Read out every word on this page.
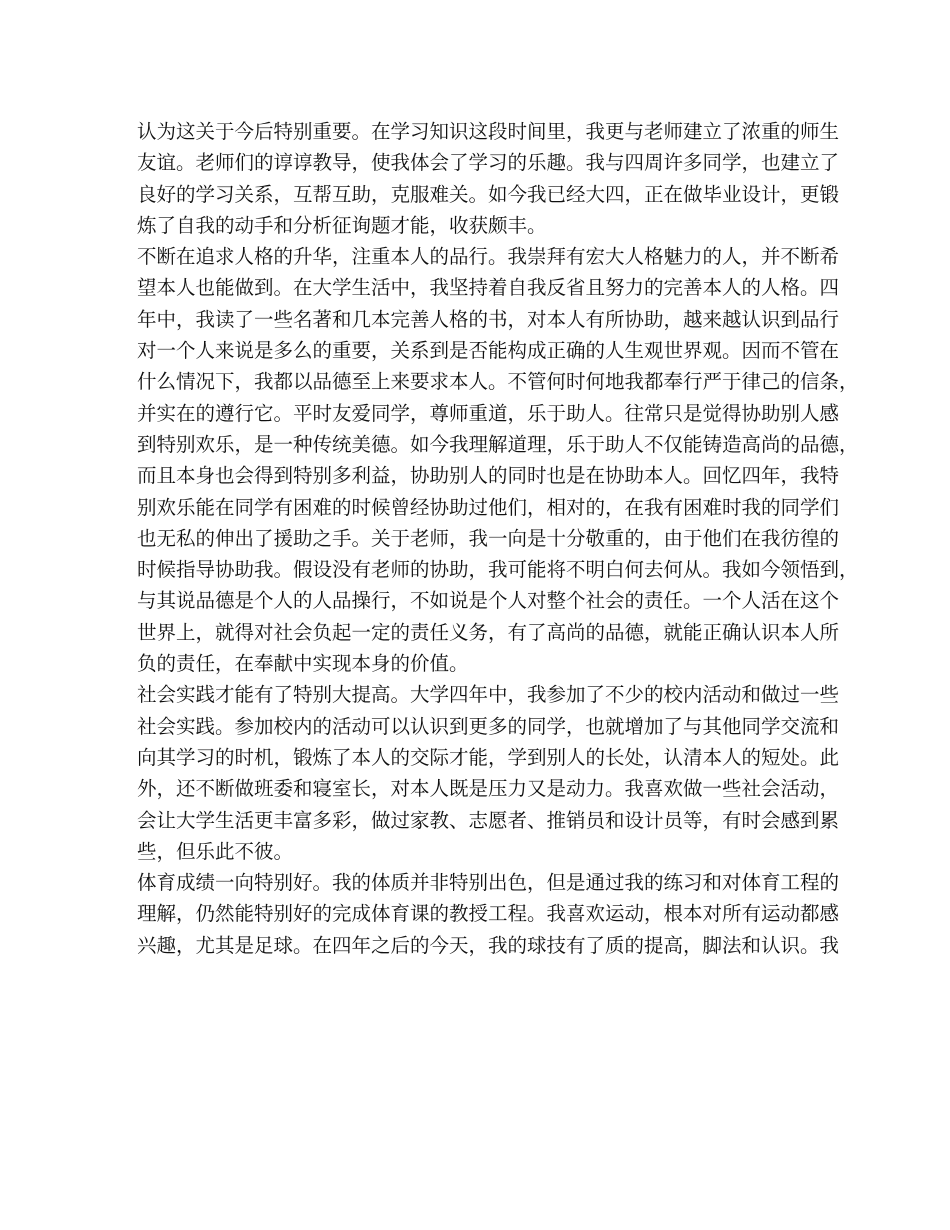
认为这关于今后特别重要。在学习知识这段时间里，我更与老师建立了浓重的师生
友谊。老师们的谆谆教导，使我体会了学习的乐趣。我与四周许多同学，也建立了
良好的学习关系，互帮互助，克服难关。如今我已经大四，正在做毕业设计，更锻
炼了自我的动手和分析征询题才能，收获颇丰。
不断在追求人格的升华，注重本人的品行。我崇拜有宏大人格魅力的人，并不断希
望本人也能做到。在大学生活中，我坚持着自我反省且努力的完善本人的人格。四
年中，我读了一些名著和几本完善人格的书，对本人有所协助，越来越认识到品行
对一个人来说是多么的重要，关系到是否能构成正确的人生观世界观。因而不管在
什么情况下，我都以品德至上来要求本人。不管何时何地我都奉行严于律己的信条，
并实在的遵行它。平时友爱同学，尊师重道，乐于助人。往常只是觉得协助别人感
到特别欢乐，是一种传统美德。如今我理解道理，乐于助人不仅能铸造高尚的品德，
而且本身也会得到特别多利益，协助别人的同时也是在协助本人。回忆四年，我特
别欢乐能在同学有困难的时候曾经协助过他们，相对的，在我有困难时我的同学们
也无私的伸出了援助之手。关于老师，我一向是十分敬重的，由于他们在我彷徨的
时候指导协助我。假设没有老师的协助，我可能将不明白何去何从。我如今领悟到，
与其说品德是个人的人品操行，不如说是个人对整个社会的责任。一个人活在这个
世界上，就得对社会负起一定的责任义务，有了高尚的品德，就能正确认识本人所
负的责任，在奉献中实现本身的价值。
社会实践才能有了特别大提高。大学四年中，我参加了不少的校内活动和做过一些
社会实践。参加校内的活动可以认识到更多的同学，也就增加了与其他同学交流和
向其学习的时机，锻炼了本人的交际才能，学到别人的长处，认清本人的短处。此
外，还不断做班委和寝室长，对本人既是压力又是动力。我喜欢做一些社会活动，
会让大学生活更丰富多彩，做过家教、志愿者、推销员和设计员等，有时会感到累
些，但乐此不彼。
体育成绩一向特别好。我的体质并非特别出色，但是通过我的练习和对体育工程的
理解，仍然能特别好的完成体育课的教授工程。我喜欢运动，根本对所有运动都感
兴趣，尤其是足球。在四年之后的今天，我的球技有了质的提高，脚法和认识。我
